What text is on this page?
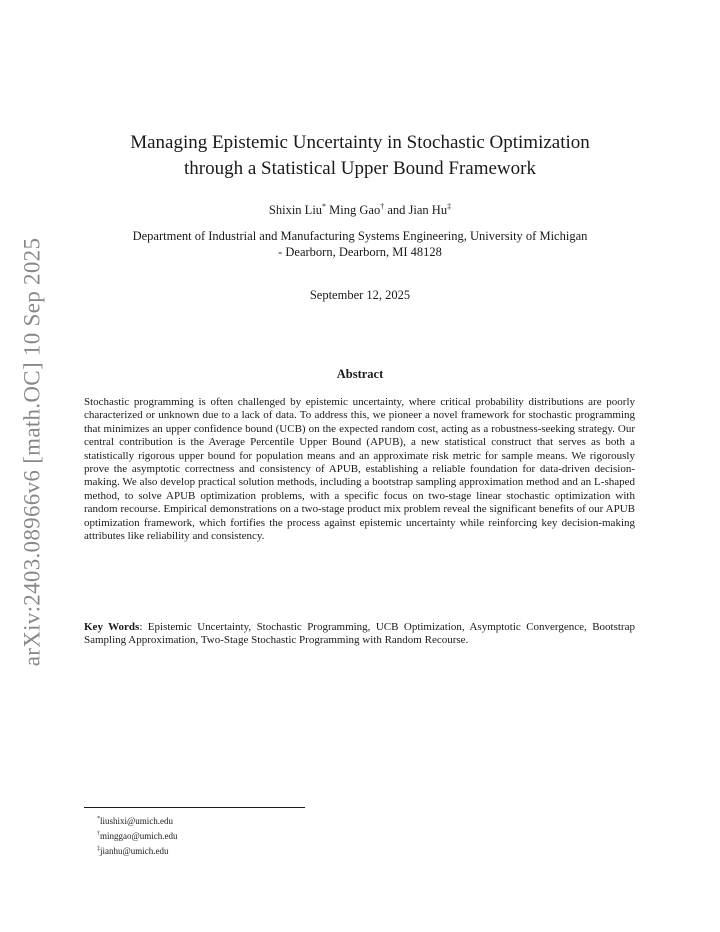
arXiv:2403.08966v6 [math.OC] 10 Sep 2025
Managing Epistemic Uncertainty in Stochastic Optimization
through a Statistical Upper Bound Framework
Shixin Liu* Ming Gao† and Jian Hu‡
Department of Industrial and Manufacturing Systems Engineering, University of Michigan
- Dearborn, Dearborn, MI 48128
September 12, 2025
Abstract

Stochastic programming is often challenged by epistemic uncertainty, where critical probability distributions are poorly characterized or unknown due to a lack of data. To address this, we pioneer a novel framework for stochastic programming that minimizes an upper confidence bound (UCB) on the expected random cost, acting as a robustness-seeking strategy. Our central contribution is the Average Percentile Upper Bound (APUB), a new statistical construct that serves as both a statistically rigorous upper bound for population means and an approximate risk metric for sample means. We rigorously prove the asymptotic correctness and consistency of APUB, establishing a reliable foundation for data-driven decision-making. We also develop practical solution methods, including a bootstrap sampling approximation method and an L-shaped method, to solve APUB optimization problems, with a specific focus on two-stage linear stochastic optimization with random recourse. Empirical demonstrations on a two-stage product mix problem reveal the significant benefits of our APUB optimization framework, which fortifies the process against epistemic uncertainty while reinforcing key decision-making attributes like reliability and consistency.

Key Words: Epistemic Uncertainty, Stochastic Programming, UCB Optimization, Asymptotic Convergence, Bootstrap Sampling Approximation, Two-Stage Stochastic Programming with Random Recourse.

*liushixi@umich.edu
†minggao@umich.edu
‡jianhu@umich.edu
